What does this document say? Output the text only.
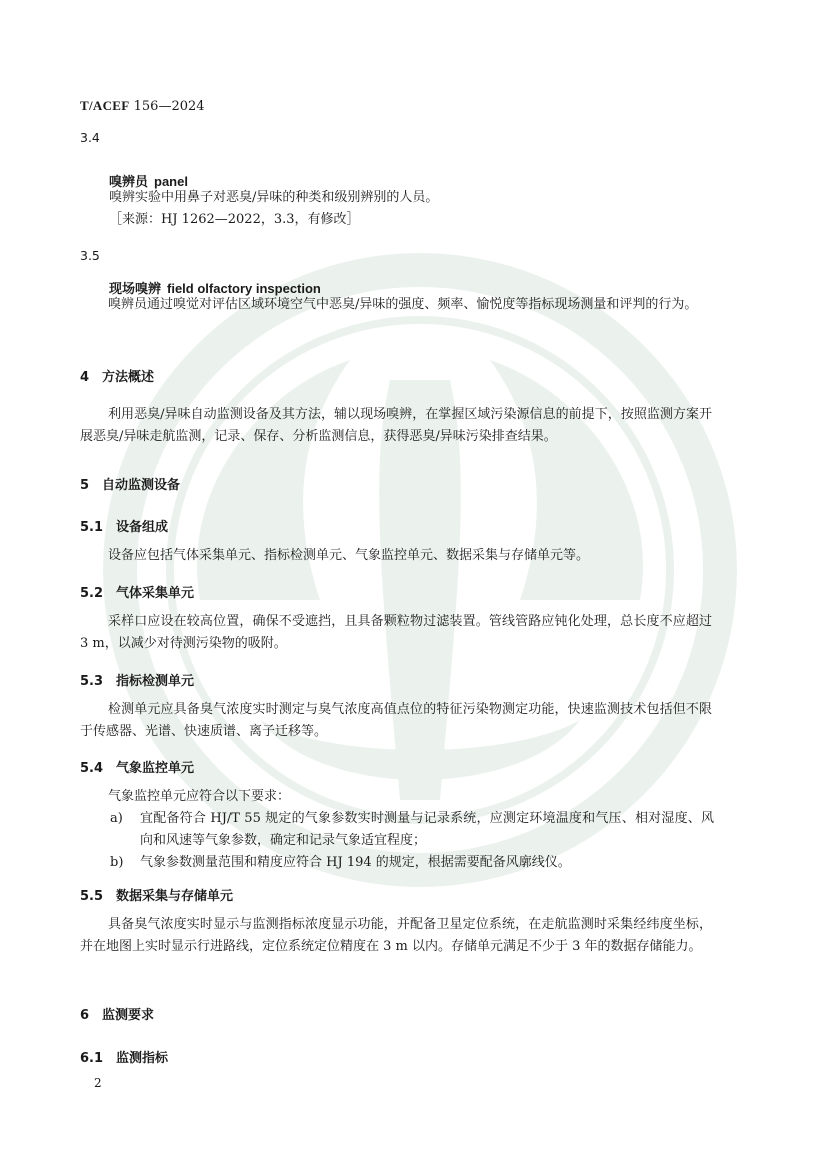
T/ACEF 156—2024
3.4
嗅辨员 panel
嗅辨实验中用鼻子对恶臭/异味的种类和级别辨别的人员。
［来源：HJ 1262—2022，3.3，有修改］
3.5
现场嗅辨 field olfactory inspection
嗅辨员通过嗅觉对评估区域环境空气中恶臭/异味的强度、频率、愉悦度等指标现场测量和评判的行为。
4　方法概述
利用恶臭/异味自动监测设备及其方法，辅以现场嗅辨，在掌握区域污染源信息的前提下，按照监测方案开展恶臭/异味走航监测，记录、保存、分析监测信息，获得恶臭/异味污染排查结果。
5　自动监测设备
5.1　设备组成
设备应包括气体采集单元、指标检测单元、气象监控单元、数据采集与存储单元等。
5.2　气体采集单元
采样口应设在较高位置，确保不受遮挡，且具备颗粒物过滤装置。管线管路应钝化处理，总长度不应超过 3 m，以减少对待测污染物的吸附。
5.3　指标检测单元
检测单元应具备臭气浓度实时测定与臭气浓度高值点位的特征污染物测定功能，快速监测技术包括但不限于传感器、光谱、快速质谱、离子迁移等。
5.4　气象监控单元
气象监控单元应符合以下要求：
a) 宜配备符合 HJ/T 55 规定的气象参数实时测量与记录系统，应测定环境温度和气压、相对湿度、风向和风速等气象参数，确定和记录气象适宜程度；
b) 气象参数测量范围和精度应符合 HJ 194 的规定，根据需要配备风廓线仪。
5.5　数据采集与存储单元
具备臭气浓度实时显示与监测指标浓度显示功能，并配备卫星定位系统，在走航监测时采集经纬度坐标，并在地图上实时显示行进路线，定位系统定位精度在 3 m 以内。存储单元满足不少于 3 年的数据存储能力。
6　监测要求
6.1　监测指标
2
